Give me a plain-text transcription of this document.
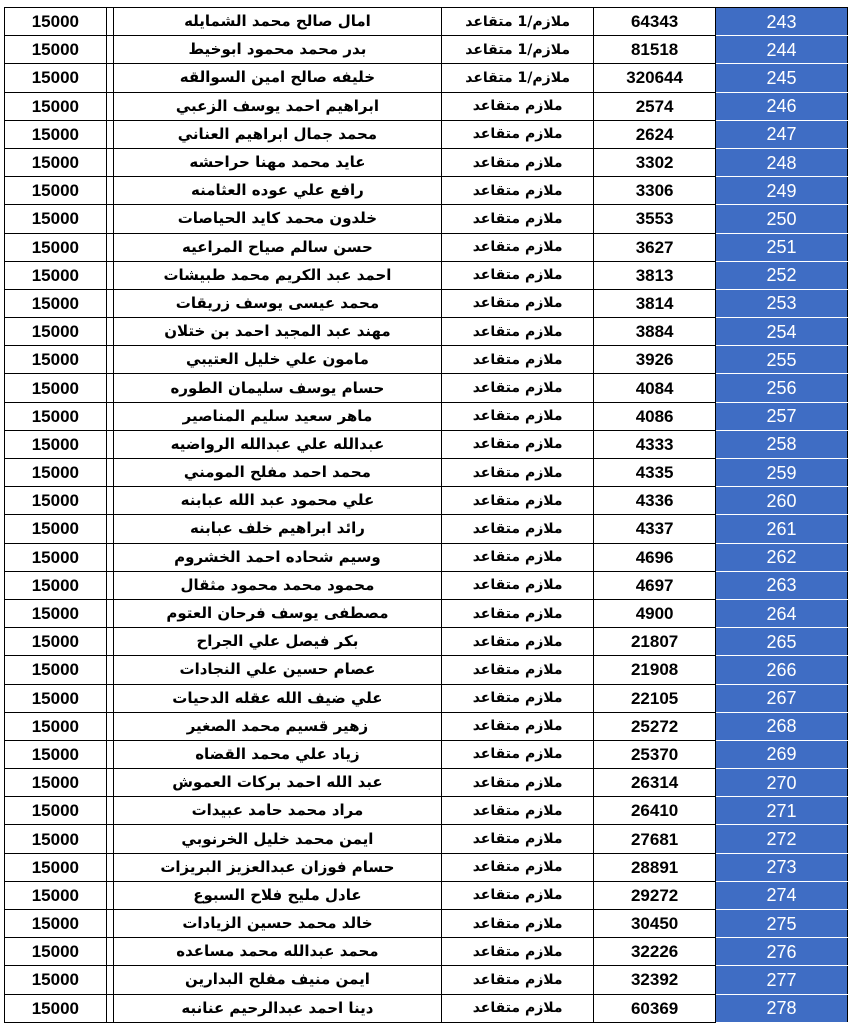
15000		امال صالح محمد الشمايله	ملازم/1 متقاعد	64343	243
15000		بدر محمد محمود ابوخيط	ملازم/1 متقاعد	81518	244
15000		خليفه صالح امين السوالقه	ملازم/1 متقاعد	320644	245
15000		ابراهيم احمد يوسف الزعبي	ملازم متقاعد	2574	246
15000		محمد جمال ابراهيم العناني	ملازم متقاعد	2624	247
15000		عايد محمد مهنا حراحشه	ملازم متقاعد	3302	248
15000		رافع علي عوده العثامنه	ملازم متقاعد	3306	249
15000		خلدون محمد كايد الحياصات	ملازم متقاعد	3553	250
15000		حسن سالم صياح المراعيه	ملازم متقاعد	3627	251
15000		احمد عبد الكريم محمد طبيشات	ملازم متقاعد	3813	252
15000		محمد عيسى يوسف زريقات	ملازم متقاعد	3814	253
15000		مهند عبد المجيد احمد بن ختلان	ملازم متقاعد	3884	254
15000		مامون علي خليل العتيبي	ملازم متقاعد	3926	255
15000		حسام يوسف سليمان الطوره	ملازم متقاعد	4084	256
15000		ماهر سعيد سليم المناصير	ملازم متقاعد	4086	257
15000		عبدالله علي عبدالله الرواضيه	ملازم متقاعد	4333	258
15000		محمد احمد مفلح المومني	ملازم متقاعد	4335	259
15000		علي محمود عبد الله عبابنه	ملازم متقاعد	4336	260
15000		رائد ابراهيم خلف عبابنه	ملازم متقاعد	4337	261
15000		وسيم شحاده احمد الخشروم	ملازم متقاعد	4696	262
15000		محمود محمد محمود مثقال	ملازم متقاعد	4697	263
15000		مصطفى يوسف فرحان العتوم	ملازم متقاعد	4900	264
15000		بكر فيصل علي الجراح	ملازم متقاعد	21807	265
15000		عصام حسين علي النجادات	ملازم متقاعد	21908	266
15000		علي ضيف الله عقله الدحيات	ملازم متقاعد	22105	267
15000		زهير قسيم محمد الصغير	ملازم متقاعد	25272	268
15000		زياد علي محمد القضاه	ملازم متقاعد	25370	269
15000		عبد الله احمد بركات العموش	ملازم متقاعد	26314	270
15000		مراد محمد حامد عبيدات	ملازم متقاعد	26410	271
15000		ايمن محمد خليل الخرنوبي	ملازم متقاعد	27681	272
15000		حسام فوزان عبدالعزيز البريزات	ملازم متقاعد	28891	273
15000		عادل مليح فلاح السبوع	ملازم متقاعد	29272	274
15000		خالد محمد حسين الزيادات	ملازم متقاعد	30450	275
15000		محمد عبدالله محمد مساعده	ملازم متقاعد	32226	276
15000		ايمن منيف مفلح البدارين	ملازم متقاعد	32392	277
15000		دينا احمد عبدالرحيم عنانبه	ملازم متقاعد	60369	278
